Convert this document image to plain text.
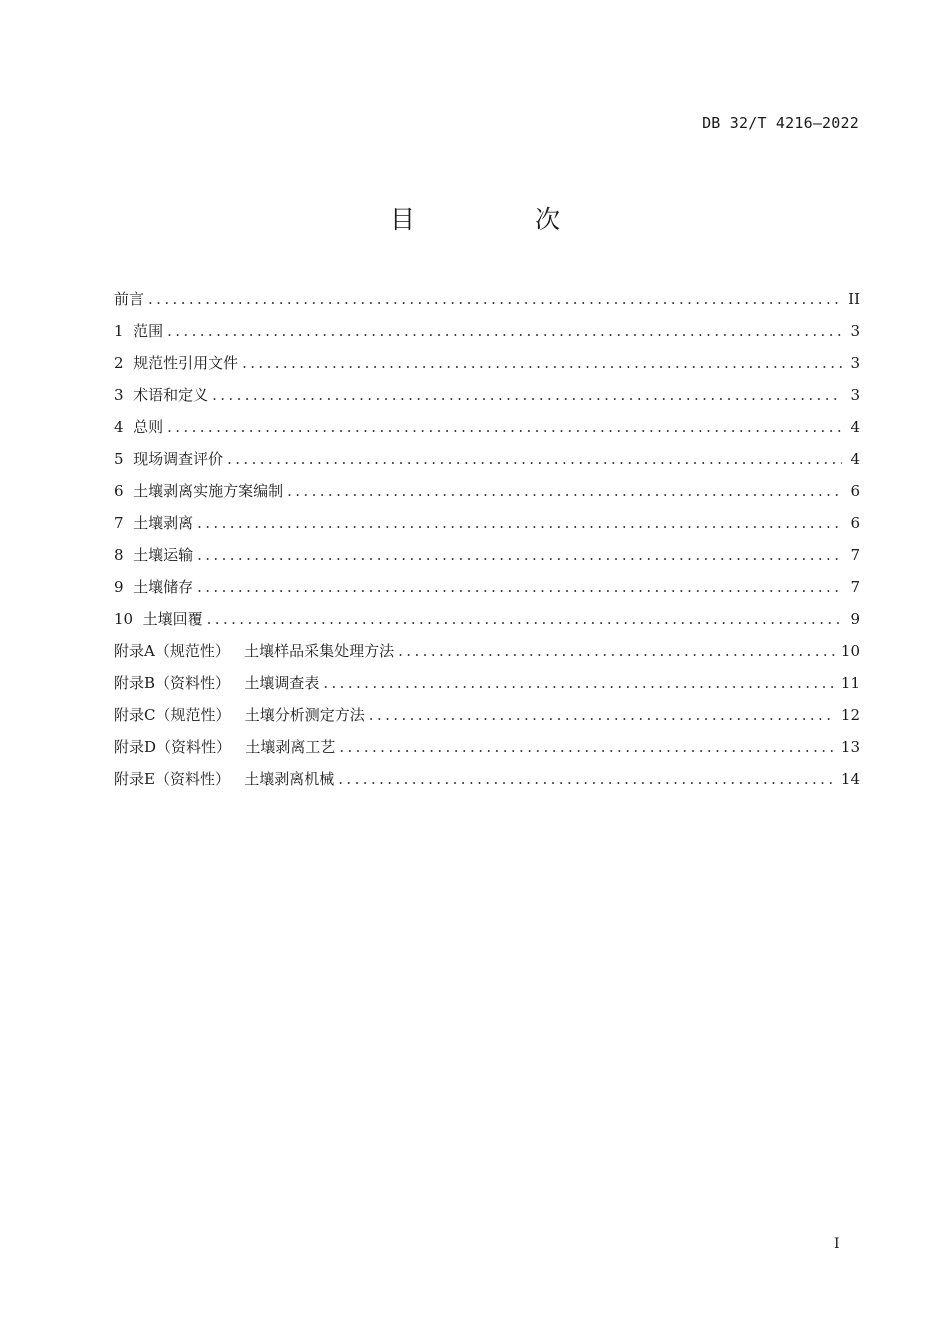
DB 32/T 4216—2022
目 次
前言 .....	II
1  范围 .....	3
2  规范性引用文件 .....	3
3  术语和定义 .....	3
4  总则 .....	4
5  现场调查评价 .....	4
6  土壤剥离实施方案编制 .....	6
7  土壤剥离 .....	6
8  土壤运输 .....	7
9  土壤储存 .....	7
10  土壤回覆 .....	9
附录A（规范性）   土壤样品采集处理方法 .....	10
附录B（资料性）   土壤调查表 .....	11
附录C（规范性）   土壤分析测定方法 .....	12
附录D（资料性）   土壤剥离工艺 .....	13
附录E（资料性）   土壤剥离机械 .....	14
I
